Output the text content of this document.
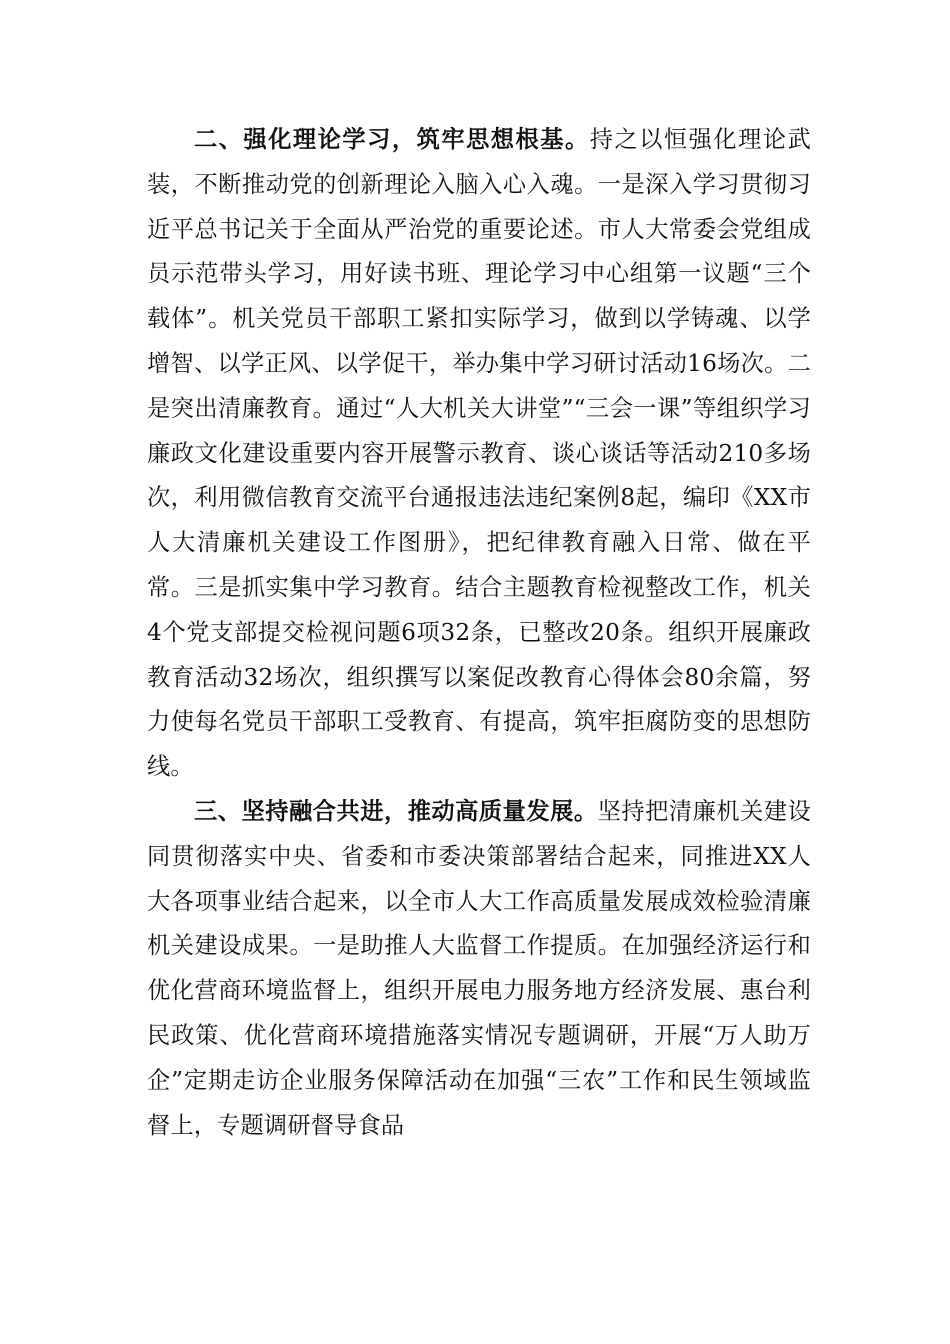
二、强化理论学习，筑牢思想根基。持之以恒强化理论武装，不断推动党的创新理论入脑入心入魂。一是深入学习贯彻习近平总书记关于全面从严治党的重要论述。市人大常委会党组成员示范带头学习，用好读书班、理论学习中心组第一议题“三个载体”。机关党员干部职工紧扣实际学习，做到以学铸魂、以学增智、以学正风、以学促干，举办集中学习研讨活动16场次。二是突出清廉教育。通过“人大机关大讲堂”“三会一课”等组织学习廉政文化建设重要内容开展警示教育、谈心谈话等活动210多场次，利用微信教育交流平台通报违法违纪案例8起，编印《XX市人大清廉机关建设工作图册》，把纪律教育融入日常、做在平常。三是抓实集中学习教育。结合主题教育检视整改工作，机关4个党支部提交检视问题6项32条，已整改20条。组织开展廉政教育活动32场次，组织撰写以案促改教育心得体会80余篇，努力使每名党员干部职工受教育、有提高，筑牢拒腐防变的思想防线。

三、坚持融合共进，推动高质量发展。坚持把清廉机关建设同贯彻落实中央、省委和市委决策部署结合起来，同推进XX人大各项事业结合起来，以全市人大工作高质量发展成效检验清廉机关建设成果。一是助推人大监督工作提质。在加强经济运行和优化营商环境监督上，组织开展电力服务地方经济发展、惠台利民政策、优化营商环境措施落实情况专题调研，开展“万人助万企”定期走访企业服务保障活动在加强“三农”工作和民生领域监督上，专题调研督导食品
